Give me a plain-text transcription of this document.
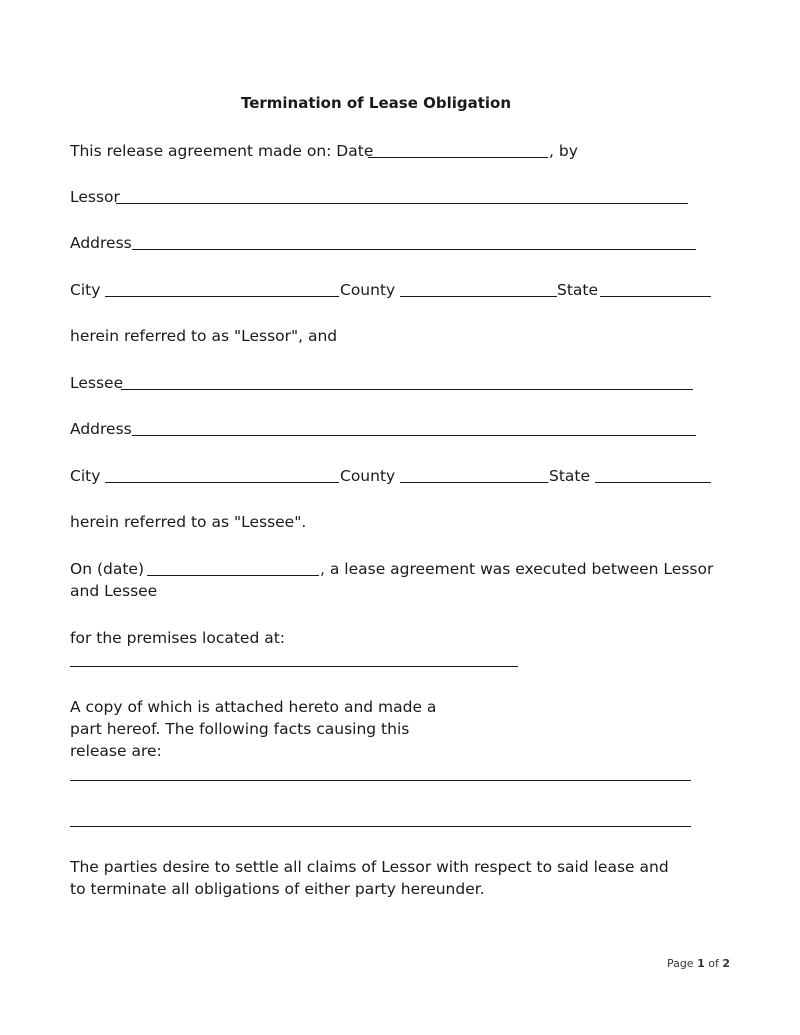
Termination of Lease Obligation
This release agreement made on: Date	, by
Lessor
Address
City	County	State
herein referred to as "Lessor", and
Lessee
Address
City	County	State
herein referred to as "Lessee".
On (date)	, a lease agreement was executed between Lessor
and Lessee
for the premises located at:
A copy of which is attached hereto and made a
part hereof. The following facts causing this
release are:
The parties desire to settle all claims of Lessor with respect to said lease and
to terminate all obligations of either party hereunder.
Page 1 of 2
